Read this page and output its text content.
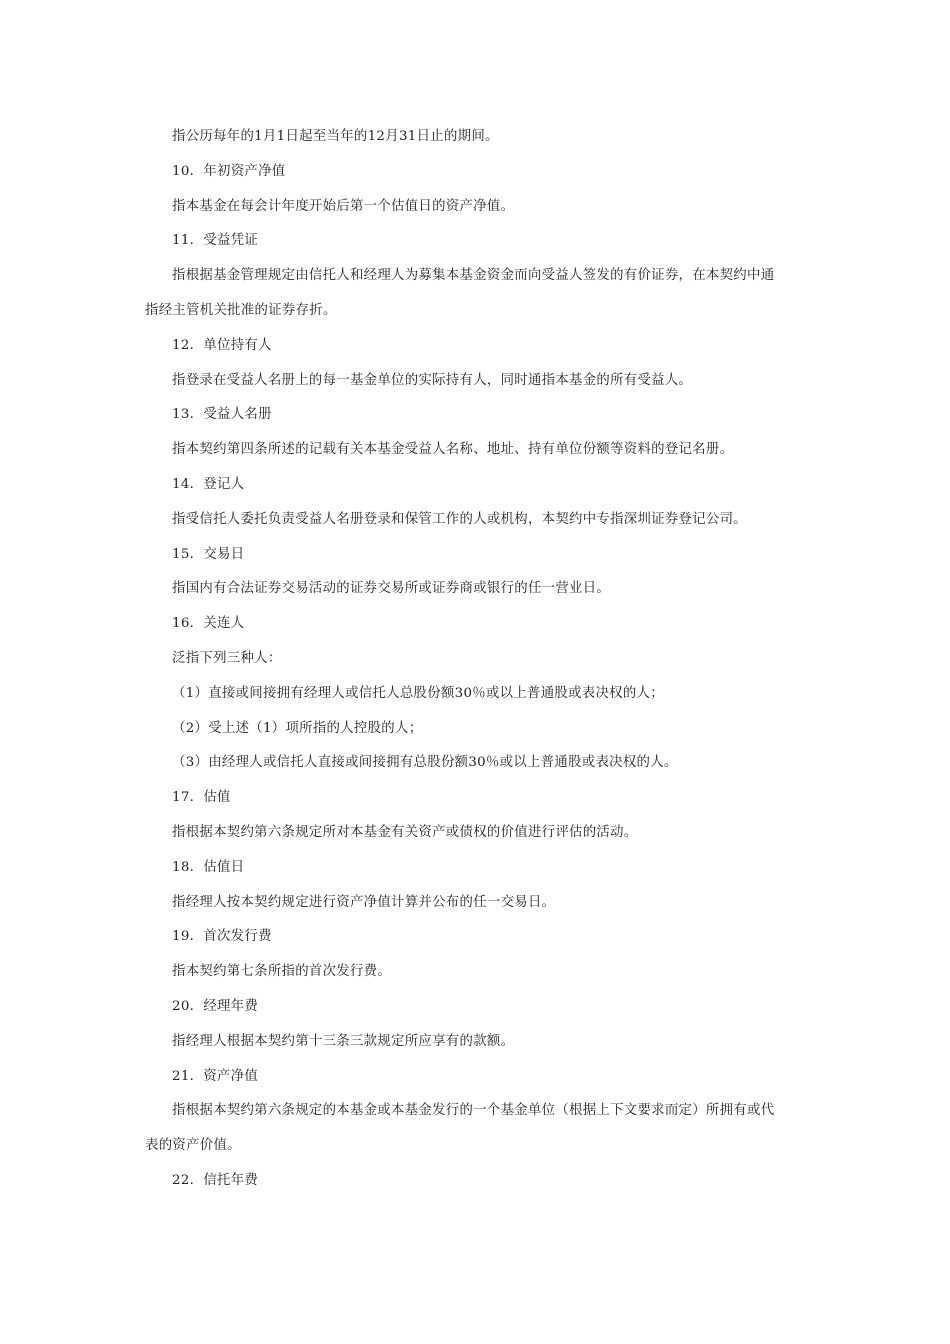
指公历每年的1月1日起至当年的12月31日止的期间。
10．年初资产净值
指本基金在每会计年度开始后第一个估值日的资产净值。
11．受益凭证
指根据基金管理规定由信托人和经理人为募集本基金资金而向受益人签发的有价证券，在本契约中通
指经主管机关批准的证券存折。
12．单位持有人
指登录在受益人名册上的每一基金单位的实际持有人，同时通指本基金的所有受益人。
13．受益人名册
指本契约第四条所述的记载有关本基金受益人名称、地址、持有单位份额等资料的登记名册。
14．登记人
指受信托人委托负责受益人名册登录和保管工作的人或机构，本契约中专指深圳证券登记公司。
15．交易日
指国内有合法证券交易活动的证券交易所或证券商或银行的任一营业日。
16．关连人
泛指下列三种人：
（1）直接或间接拥有经理人或信托人总股份额30％或以上普通股或表决权的人；
（2）受上述（1）项所指的人控股的人；
（3）由经理人或信托人直接或间接拥有总股份额30％或以上普通股或表决权的人。
17．估值
指根据本契约第六条规定所对本基金有关资产或债权的价值进行评估的活动。
18．估值日
指经理人按本契约规定进行资产净值计算并公布的任一交易日。
19．首次发行费
指本契约第七条所指的首次发行费。
20．经理年费
指经理人根据本契约第十三条三款规定所应享有的款额。
21．资产净值
指根据本契约第六条规定的本基金或本基金发行的一个基金单位（根据上下文要求而定）所拥有或代
表的资产价值。
22．信托年费
